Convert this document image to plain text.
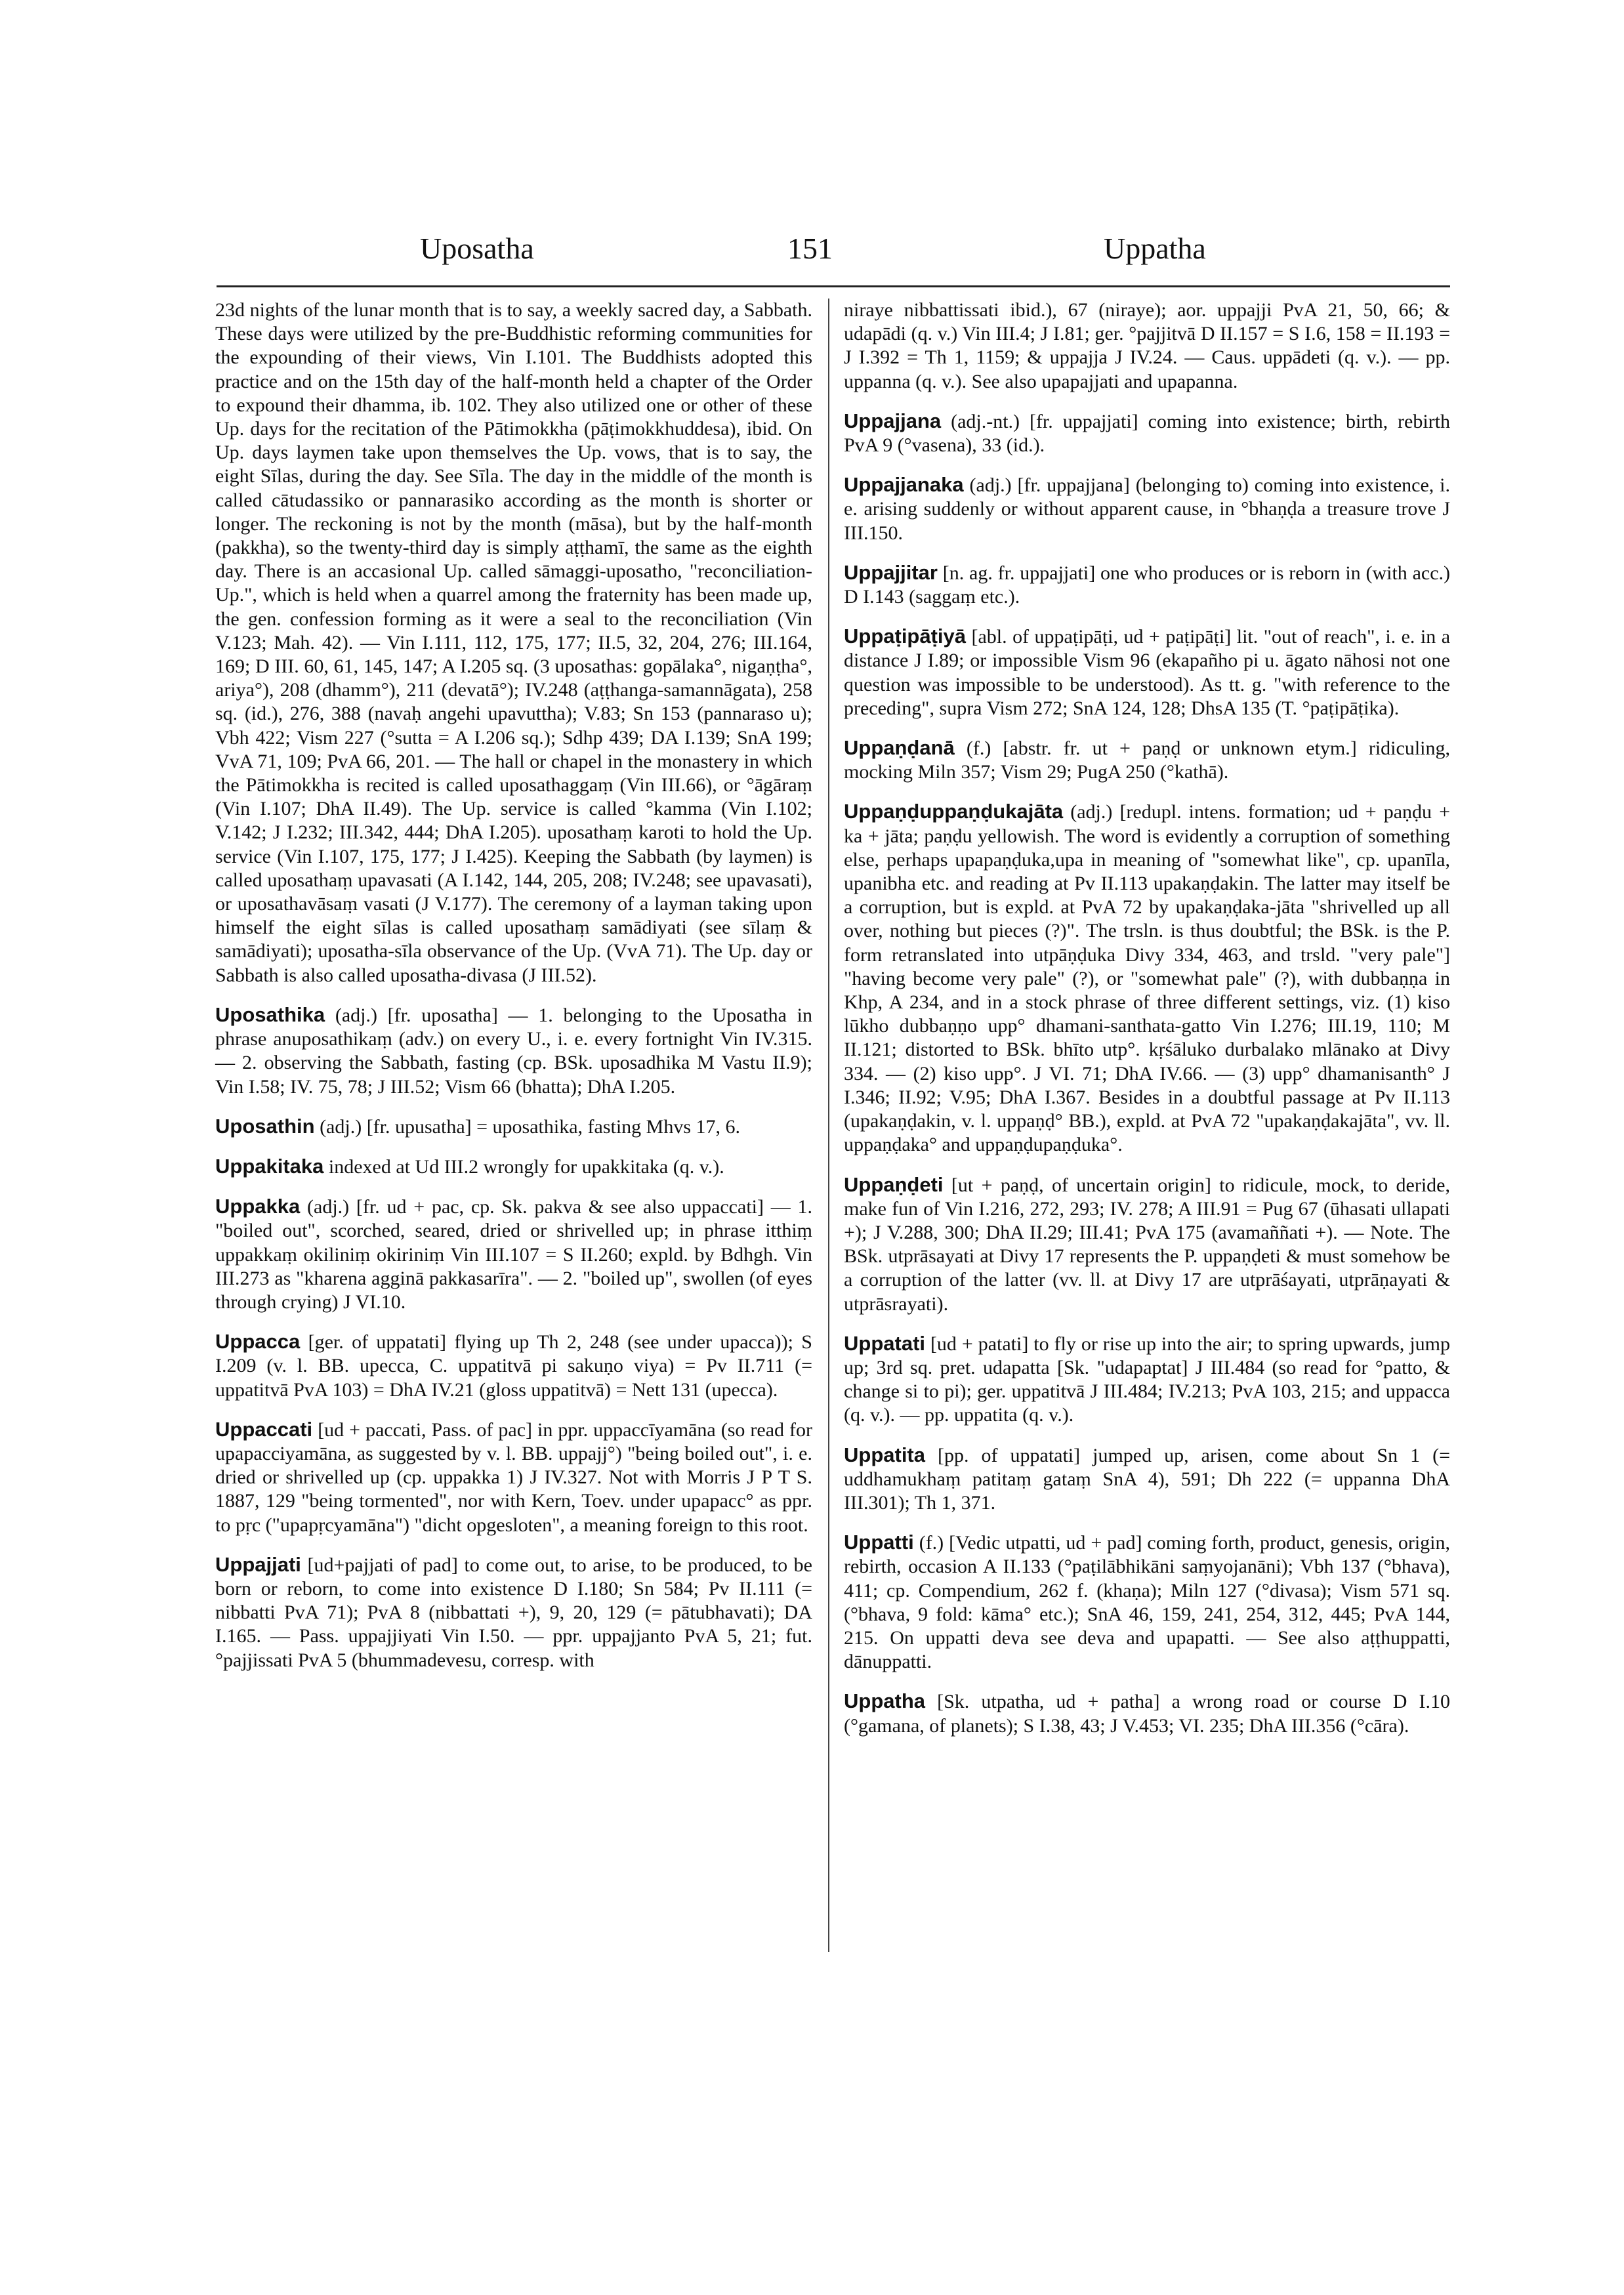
Uposatha	151	Uppatha

23d nights of the lunar month that is to say, a weekly sacred day, a Sabbath. These days were utilized by the pre-Buddhistic reforming communities for the expounding of their views, Vin I.101. The Buddhists adopted this practice and on the 15th day of the half-month held a chapter of the Order to expound their dhamma, ib. 102. They also utilized one or other of these Up. days for the recitation of the Pātimokkha (pāṭimokkhuddesa), ibid. On Up. days laymen take upon themselves the Up. vows, that is to say, the eight Sīlas, during the day. See Sīla. The day in the middle of the month is called cātudassiko or pannarasiko according as the month is shorter or longer. The reckoning is not by the month (māsa), but by the half-month (pakkha), so the twenty-third day is simply aṭṭhamī, the same as the eighth day. There is an accasional Up. called sāmaggi-uposatho, "reconciliation-Up.", which is held when a quarrel among the fraternity has been made up, the gen. confession forming as it were a seal to the reconciliation (Vin V.123; Mah. 42). — Vin I.111, 112, 175, 177; II.5, 32, 204, 276; III.164, 169; D III. 60, 61, 145, 147; A I.205 sq. (3 uposathas: gopālaka°, nigaṇṭha°, ariya°), 208 (dhamm°), 211 (devatā°); IV.248 (aṭṭhanga-samannāgata), 258 sq. (id.), 276, 388 (navaḥ angehi upavuttha); V.83; Sn 153 (pannaraso u); Vbh 422; Vism 227 (°sutta = A I.206 sq.); Sdhp 439; DA I.139; SnA 199; VvA 71, 109; PvA 66, 201. — The hall or chapel in the monastery in which the Pātimokkha is recited is called uposathaggaṃ (Vin III.66), or °āgāraṃ (Vin I.107; DhA II.49). The Up. service is called °kamma (Vin I.102; V.142; J I.232; III.342, 444; DhA I.205). uposathaṃ karoti to hold the Up. service (Vin I.107, 175, 177; J I.425). Keeping the Sabbath (by laymen) is called uposathaṃ upavasati (A I.142, 144, 205, 208; IV.248; see upavasati), or uposathavāsaṃ vasati (J V.177). The ceremony of a layman taking upon himself the eight sīlas is called uposathaṃ samādiyati (see sīlaṃ & samādiyati); uposatha-sīla observance of the Up. (VvA 71). The Up. day or Sabbath is also called uposatha-divasa (J III.52).

Uposathika (adj.) [fr. uposatha] — 1. belonging to the Uposatha in phrase anuposathikaṃ (adv.) on every U., i. e. every fortnight Vin IV.315. — 2. observing the Sabbath, fasting (cp. BSk. uposadhika M Vastu II.9); Vin I.58; IV. 75, 78; J III.52; Vism 66 (bhatta); DhA I.205.

Uposathin (adj.) [fr. upusatha] = uposathika, fasting Mhvs 17, 6.

Uppakitaka indexed at Ud III.2 wrongly for upakkitaka (q. v.).

Uppakka (adj.) [fr. ud + pac, cp. Sk. pakva & see also uppaccati] — 1. "boiled out", scorched, seared, dried or shrivelled up; in phrase itthiṃ uppakkaṃ okiliniṃ okiriniṃ Vin III.107 = S II.260; expld. by Bdhgh. Vin III.273 as "kharena agginā pakkasarīra". — 2. "boiled up", swollen (of eyes through crying) J VI.10.

Uppacca [ger. of uppatati] flying up Th 2, 248 (see under upacca)); S I.209 (v. l. BB. upecca, C. uppatitvā pi sakuṇo viya) = Pv II.711 (= uppatitvā PvA 103) = DhA IV.21 (gloss uppatitvā) = Nett 131 (upecca).

Uppaccati [ud + paccati, Pass. of pac] in ppr. uppaccīyamāna (so read for upapacciyamāna, as suggested by v. l. BB. uppajj°) "being boiled out", i. e. dried or shrivelled up (cp. uppakka 1) J IV.327. Not with Morris J P T S. 1887, 129 "being tormented", nor with Kern, Toev. under upapacc° as ppr. to pṛc ("upapṛcyamāna") "dicht opgesloten", a meaning foreign to this root.

Uppajjati [ud+pajjati of pad] to come out, to arise, to be produced, to be born or reborn, to come into existence D I.180; Sn 584; Pv II.111 (= nibbatti PvA 71); PvA 8 (nibbattati +), 9, 20, 129 (= pātubhavati); DA I.165. — Pass. uppajjiyati Vin I.50. — ppr. uppajjanto PvA 5, 21; fut. °pajjissati PvA 5 (bhummadevesu, corresp. with

niraye nibbattissati ibid.), 67 (niraye); aor. uppajji PvA 21, 50, 66; & udapādi (q. v.) Vin III.4; J I.81; ger. °pajjitvā D II.157 = S I.6, 158 = II.193 = J I.392 = Th 1, 1159; & uppajja J IV.24. — Caus. uppādeti (q. v.). — pp. uppanna (q. v.). See also upapajjati and upapanna.

Uppajjana (adj.-nt.) [fr. uppajjati] coming into existence; birth, rebirth PvA 9 (°vasena), 33 (id.).

Uppajjanaka (adj.) [fr. uppajjana] (belonging to) coming into existence, i. e. arising suddenly or without apparent cause, in °bhaṇḍa a treasure trove J III.150.

Uppajjitar [n. ag. fr. uppajjati] one who produces or is reborn in (with acc.) D I.143 (saggaṃ etc.).

Uppaṭipāṭiyā [abl. of uppaṭipāṭi, ud + paṭipāṭi] lit. "out of reach", i. e. in a distance J I.89; or impossible Vism 96 (ekapañho pi u. āgato nāhosi not one question was impossible to be understood). As tt. g. "with reference to the preceding", supra Vism 272; SnA 124, 128; DhsA 135 (T. °paṭipāṭika).

Uppaṇḍanā (f.) [abstr. fr. ut + paṇḍ or unknown etym.] ridiculing, mocking Miln 357; Vism 29; PugA 250 (°kathā).

Uppaṇḍuppaṇḍukajāta (adj.) [redupl. intens. formation; ud + paṇḍu + ka + jāta; paṇḍu yellowish. The word is evidently a corruption of something else, perhaps upapaṇḍuka,upa in meaning of "somewhat like", cp. upanīla, upanibha etc. and reading at Pv II.113 upakaṇḍakin. The latter may itself be a corruption, but is expld. at PvA 72 by upakaṇḍaka-jāta "shrivelled up all over, nothing but pieces (?)". The trsln. is thus doubtful; the BSk. is the P. form retranslated into utpāṇḍuka Divy 334, 463, and trsld. "very pale"] "having become very pale" (?), or "somewhat pale" (?), with dubbaṇṇa in Khp, A 234, and in a stock phrase of three different settings, viz. (1) kiso lūkho dubbaṇṇo upp° dhamani-santhata-gatto Vin I.276; III.19, 110; M II.121; distorted to BSk. bhīto utp°. kṛśāluko durbalako mlānako at Divy 334. — (2) kiso upp°. J VI. 71; DhA IV.66. — (3) upp° dhamanisanth° J I.346; II.92; V.95; DhA I.367. Besides in a doubtful passage at Pv II.113 (upakaṇḍakin, v. l. uppaṇḍ° BB.), expld. at PvA 72 "upakaṇḍakajāta", vv. ll. uppaṇḍaka° and uppaṇḍupaṇḍuka°.

Uppaṇḍeti [ut + paṇḍ, of uncertain origin] to ridicule, mock, to deride, make fun of Vin I.216, 272, 293; IV. 278; A III.91 = Pug 67 (ūhasati ullapati +); J V.288, 300; DhA II.29; III.41; PvA 175 (avamaññati +). — Note. The BSk. utprāsayati at Divy 17 represents the P. uppaṇḍeti & must somehow be a corruption of the latter (vv. ll. at Divy 17 are utprāśayati, utprāṇayati & utprāsrayati).

Uppatati [ud + patati] to fly or rise up into the air; to spring upwards, jump up; 3rd sq. pret. udapatta [Sk. "udapaptat] J III.484 (so read for °patto, & change si to pi); ger. uppatitvā J III.484; IV.213; PvA 103, 215; and uppacca (q. v.). — pp. uppatita (q. v.).

Uppatita [pp. of uppatati] jumped up, arisen, come about Sn 1 (= uddhamukhaṃ patitaṃ gataṃ SnA 4), 591; Dh 222 (= uppanna DhA III.301); Th 1, 371.

Uppatti (f.) [Vedic utpatti, ud + pad] coming forth, product, genesis, origin, rebirth, occasion A II.133 (°paṭilābhikāni saṃyojanāni); Vbh 137 (°bhava), 411; cp. Compendium, 262 f. (khaṇa); Miln 127 (°divasa); Vism 571 sq. (°bhava, 9 fold: kāma° etc.); SnA 46, 159, 241, 254, 312, 445; PvA 144, 215. On uppatti deva see deva and upapatti. — See also aṭṭhuppatti, dānuppatti.

Uppatha [Sk. utpatha, ud + patha] a wrong road or course D I.10 (°gamana, of planets); S I.38, 43; J V.453; VI. 235; DhA III.356 (°cāra).
